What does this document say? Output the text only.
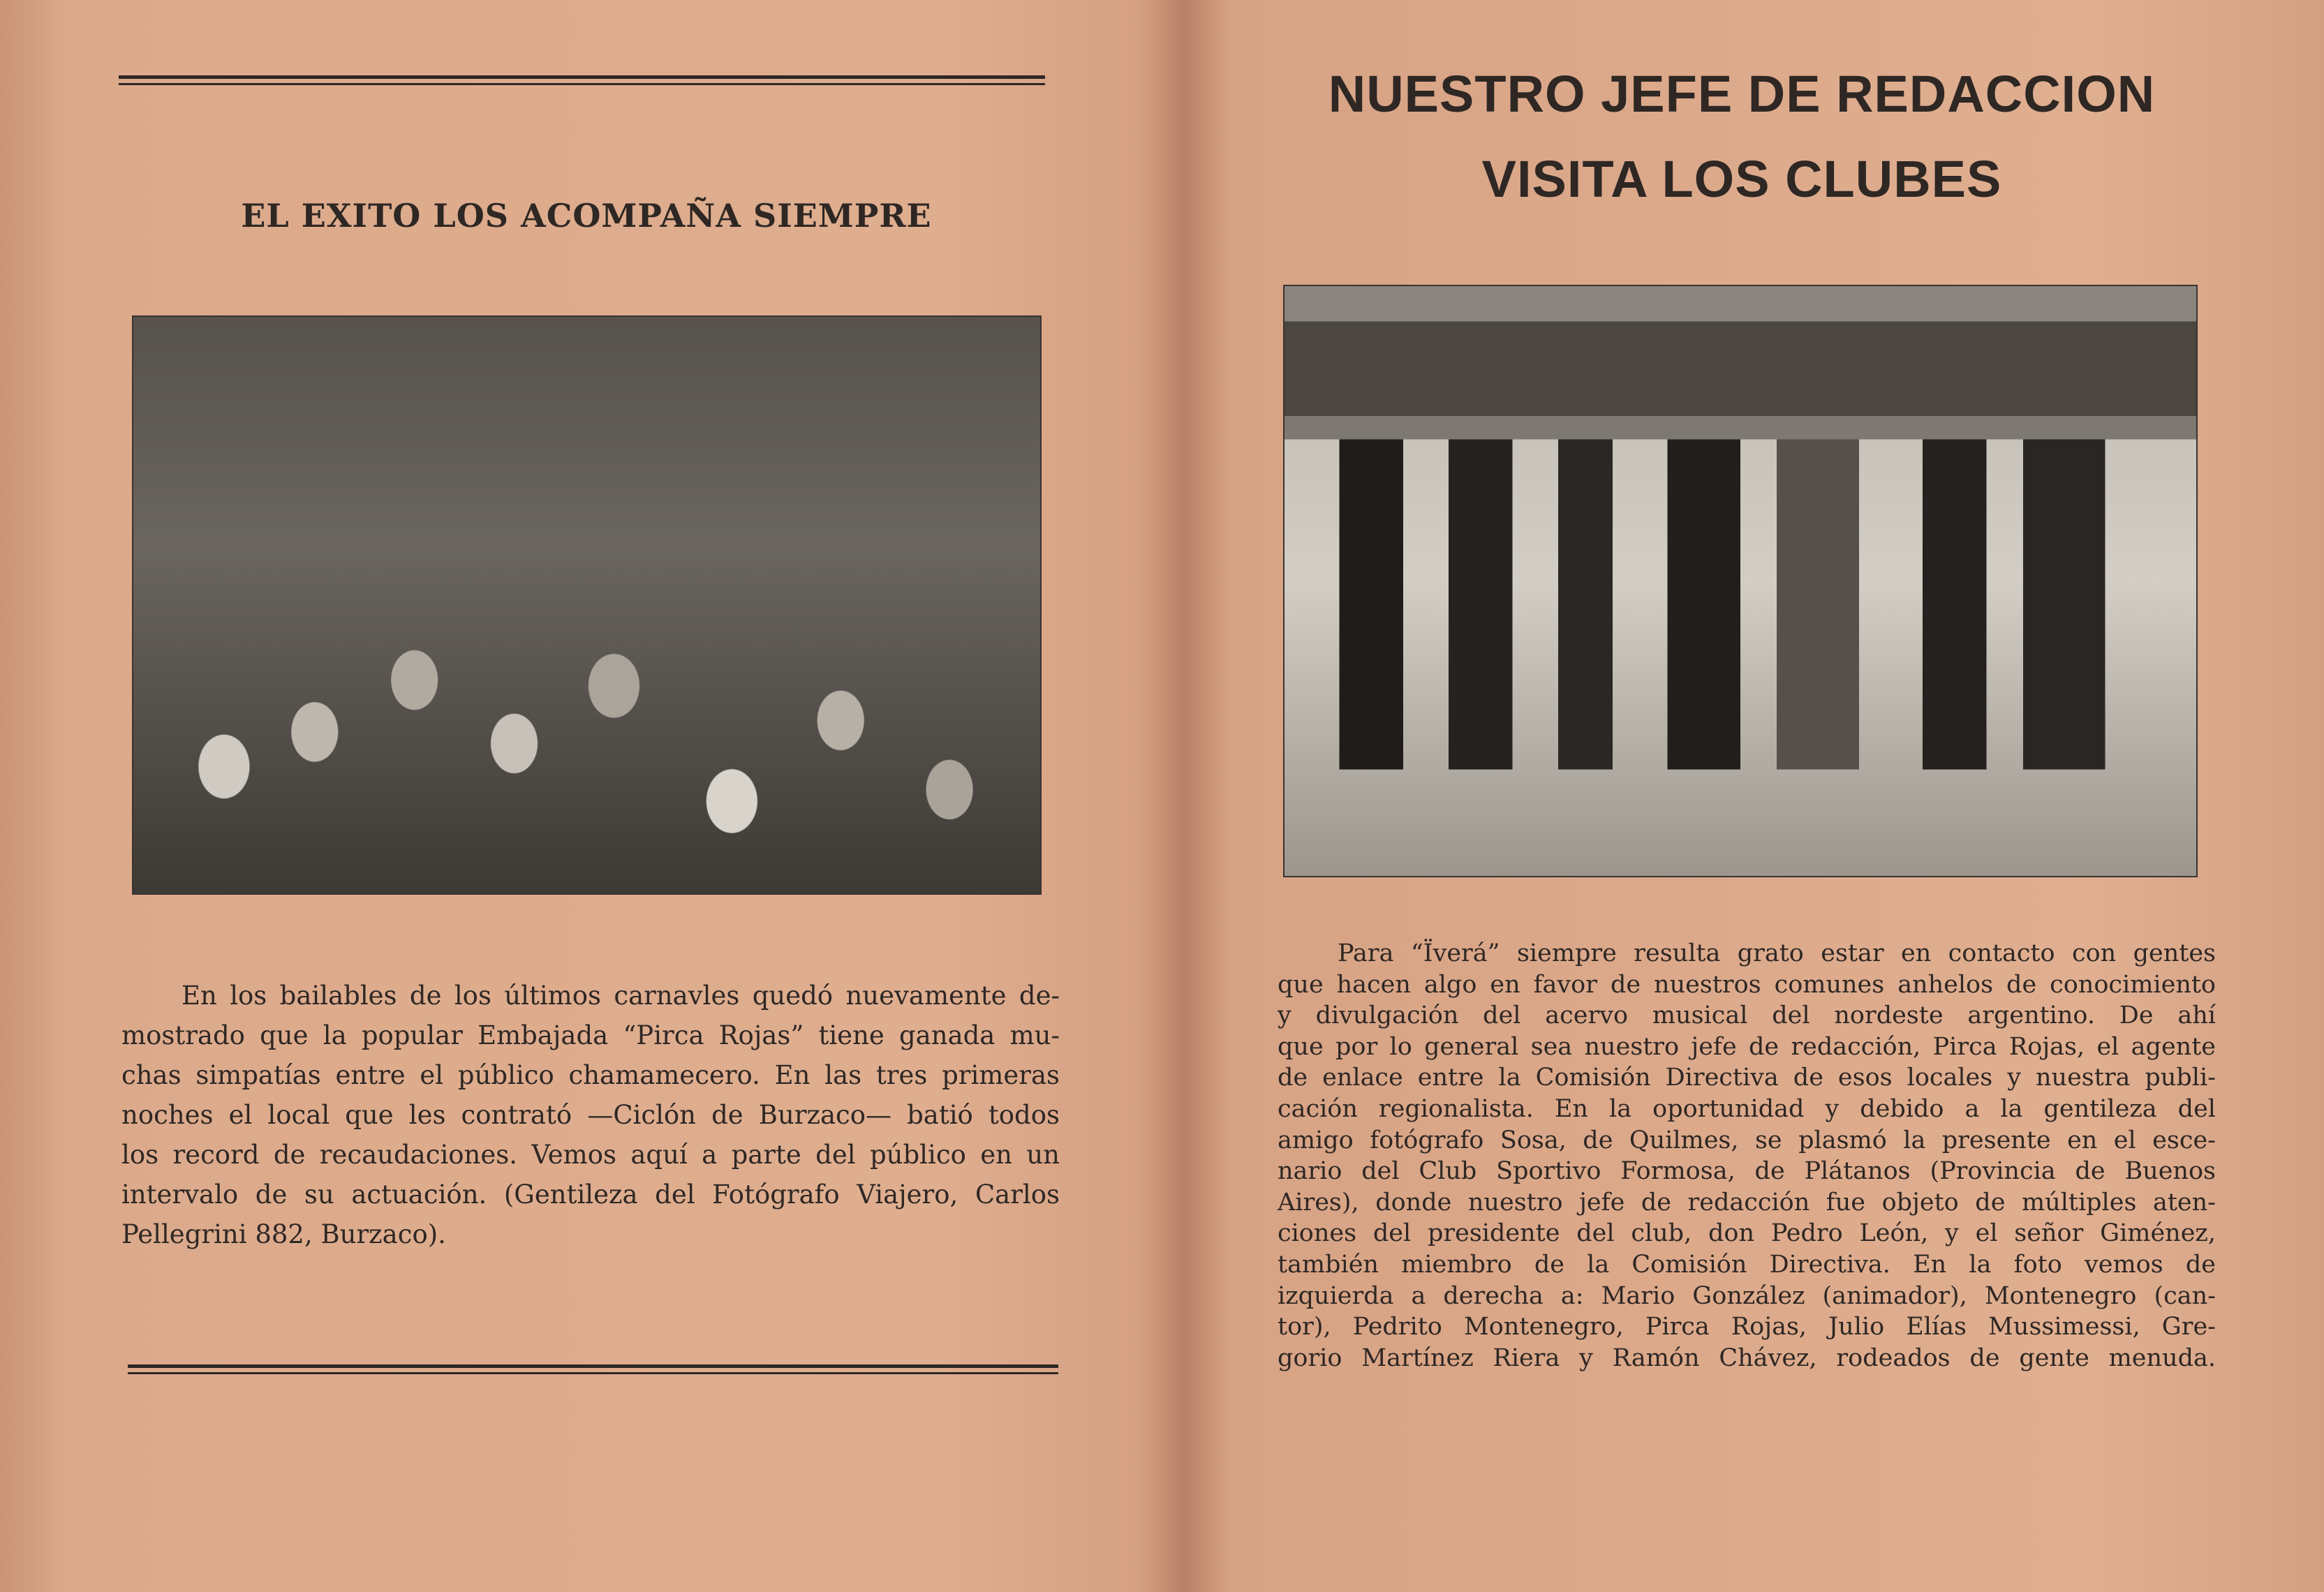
EL EXITO LOS ACOMPAÑA SIEMPRE
En los bailables de los últimos carnavles quedó nuevamente de-
mostrado que la popular Embajada “Pirca Rojas” tiene ganada mu-
chas simpatías entre el público chamamecero. En las tres primeras
noches el local que les contrató —Ciclón de Burzaco— batió todos
los record de recaudaciones. Vemos aquí a parte del público en un
intervalo de su actuación. (Gentileza del Fotógrafo Viajero, Carlos
Pellegrini 882, Burzaco).
NUESTRO JEFE DE REDACCION
VISITA LOS CLUBES
Para “Ïverá” siempre resulta grato estar en contacto con gentes
que hacen algo en favor de nuestros comunes anhelos de conocimiento
y divulgación del acervo musical del nordeste argentino. De ahí
que por lo general sea nuestro jefe de redacción, Pirca Rojas, el agente
de enlace entre la Comisión Directiva de esos locales y nuestra publi-
cación regionalista. En la oportunidad y debido a la gentileza del
amigo fotógrafo Sosa, de Quilmes, se plasmó la presente en el esce-
nario del Club Sportivo Formosa, de Plátanos (Provincia de Buenos
Aires), donde nuestro jefe de redacción fue objeto de múltiples aten-
ciones del presidente del club, don Pedro León, y el señor Giménez,
también miembro de la Comisión Directiva. En la foto vemos de
izquierda a derecha a: Mario González (animador), Montenegro (can-
tor), Pedrito Montenegro, Pirca Rojas, Julio Elías Mussimessi, Gre-
gorio Martínez Riera y Ramón Chávez, rodeados de gente menuda.
